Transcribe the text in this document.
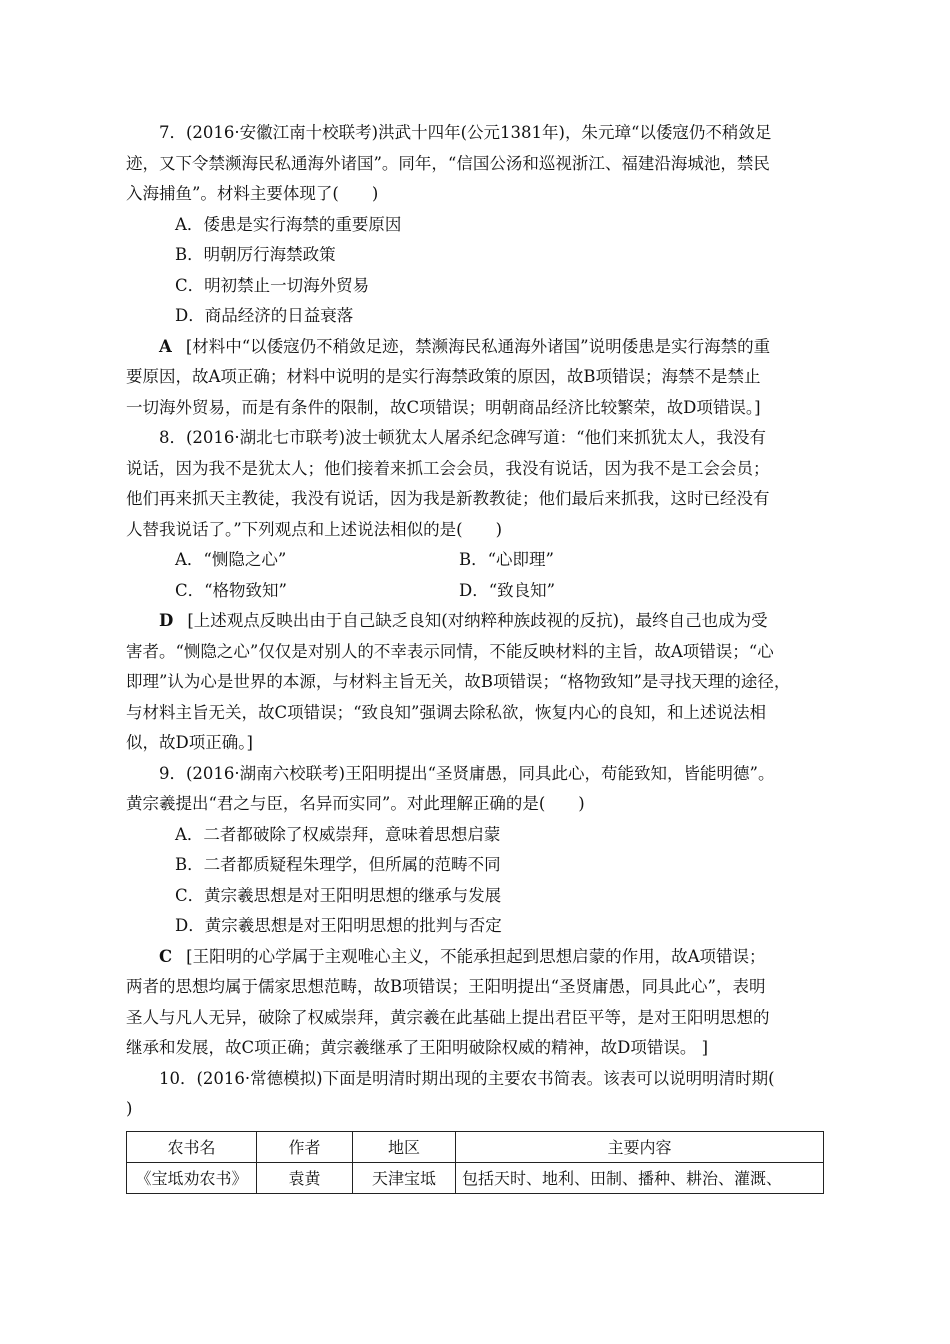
7．(2016·安徽江南十校联考)洪武十四年(公元1381年)，朱元璋“以倭寇仍不稍敛足
迹，又下令禁濒海民私通海外诸国”。同年，“信国公汤和巡视浙江、福建沿海城池，禁民
入海捕鱼”。材料主要体现了(　　)
A．倭患是实行海禁的重要原因
B．明朝厉行海禁政策
C．明初禁止一切海外贸易
D．商品经济的日益衰落
A [材料中“以倭寇仍不稍敛足迹，禁濒海民私通海外诸国”说明倭患是实行海禁的重
要原因，故A项正确；材料中说明的是实行海禁政策的原因，故B项错误；海禁不是禁止
一切海外贸易，而是有条件的限制，故C项错误；明朝商品经济比较繁荣，故D项错误。]
8．(2016·湖北七市联考)波士顿犹太人屠杀纪念碑写道：“他们来抓犹太人，我没有
说话，因为我不是犹太人；他们接着来抓工会会员，我没有说话，因为我不是工会会员；
他们再来抓天主教徒，我没有说话，因为我是新教教徒；他们最后来抓我，这时已经没有
人替我说话了。”下列观点和上述说法相似的是(　　)
A．“恻隐之心”	B．“心即理”
C．“格物致知”	D．“致良知”
D [上述观点反映出由于自己缺乏良知(对纳粹种族歧视的反抗)，最终自己也成为受
害者。“恻隐之心”仅仅是对别人的不幸表示同情，不能反映材料的主旨，故A项错误；“心
即理”认为心是世界的本源，与材料主旨无关，故B项错误；“格物致知”是寻找天理的途径，
与材料主旨无关，故C项错误；“致良知”强调去除私欲，恢复内心的良知，和上述说法相
似，故D项正确。]
9．(2016·湖南六校联考)王阳明提出“圣贤庸愚，同具此心，苟能致知，皆能明德”。
黄宗羲提出“君之与臣，名异而实同”。对此理解正确的是(　　)
A．二者都破除了权威崇拜，意味着思想启蒙
B．二者都质疑程朱理学，但所属的范畴不同
C．黄宗羲思想是对王阳明思想的继承与发展
D．黄宗羲思想是对王阳明思想的批判与否定
C [王阳明的心学属于主观唯心主义，不能承担起到思想启蒙的作用，故A项错误；
两者的思想均属于儒家思想范畴，故B项错误；王阳明提出“圣贤庸愚，同具此心”，表明
圣人与凡人无异，破除了权威崇拜，黄宗羲在此基础上提出君臣平等，是对王阳明思想的
继承和发展，故C项正确；黄宗羲继承了王阳明破除权威的精神，故D项错误。 ]
10．(2016·常德模拟)下面是明清时期出现的主要农书简表。该表可以说明明清时期(
)
农书名	作者	地区	主要内容
《宝坻劝农书》	袁黄	天津宝坻	包括天时、地利、田制、播种、耕治、灌溉、
